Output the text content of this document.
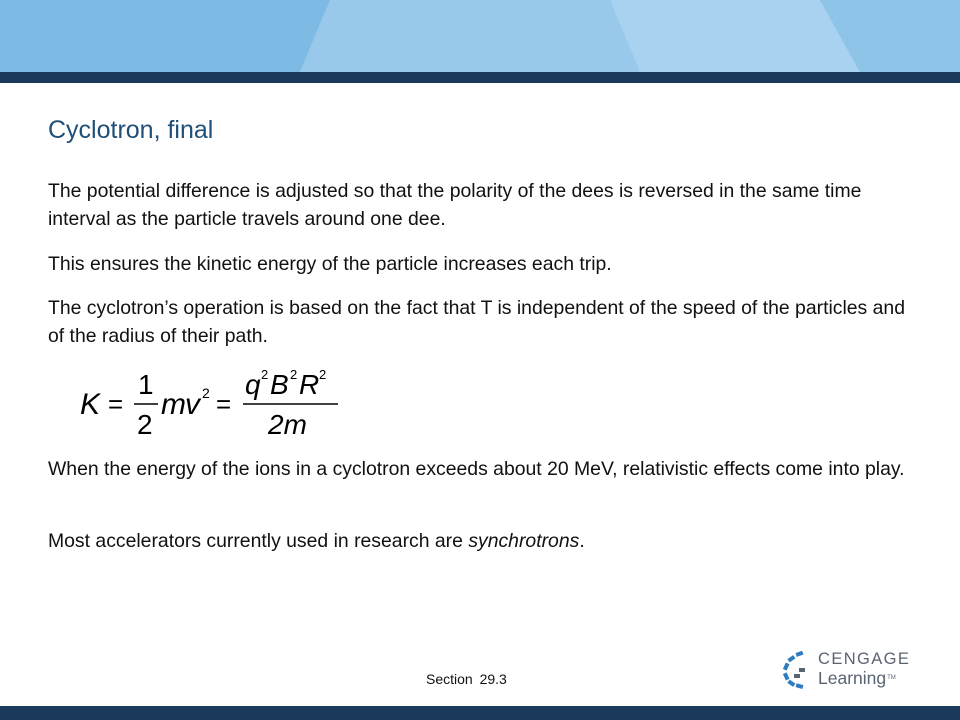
Cyclotron, final

The potential difference is adjusted so that the polarity of the dees is reversed in the same time interval as the particle travels around one dee.

This ensures the kinetic energy of the particle increases each trip.

The cyclotron’s operation is based on the fact that T is independent of the speed of the particles and of the radius of their path.

K =
1
2
m v 2 =
q 2 B 2 R 2
2m

When the energy of the ions in a cyclotron exceeds about 20 MeV, relativistic effects come into play.

Most accelerators currently used in research are synchrotrons.

Section 29.3
CENGAGE
Learning™
